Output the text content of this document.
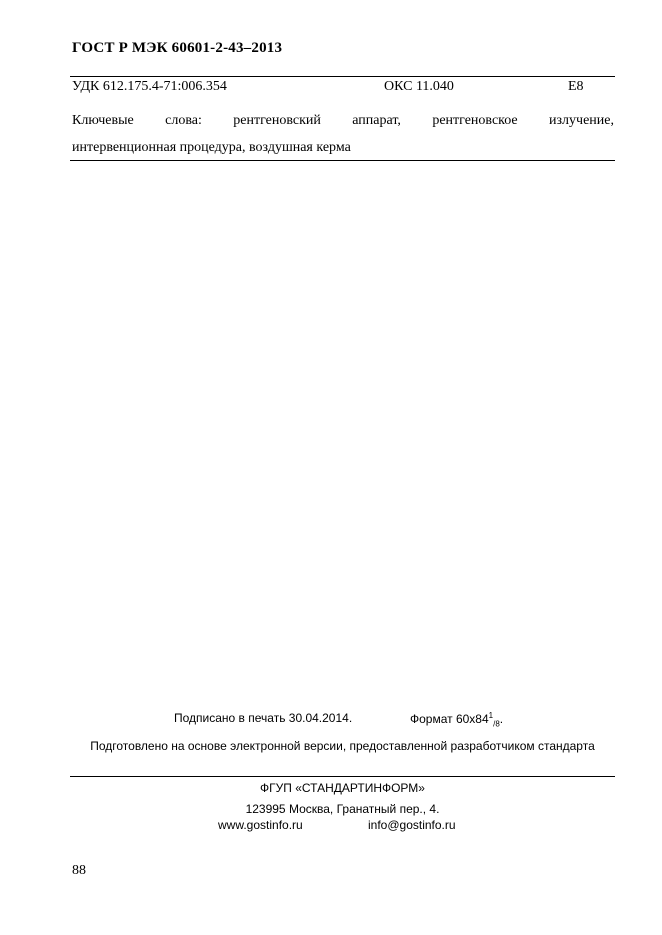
ГОСТ Р МЭК 60601-2-43–2013
УДК 612.175.4-71:006.354	ОКС 11.040	Е8
Ключевые слова: рентгеновский аппарат, рентгеновское излучение,
интервенционная процедура, воздушная керма
Подписано в печать 30.04.2014.	Формат $60x84^1_{/8}$.
Подготовлено на основе электронной версии, предоставленной разработчиком стандарта
ФГУП «СТАНДАРТИНФОРМ»
123995 Москва, Гранатный пер., 4.
www.gostinfo.ru	info@gostinfo.ru
88
